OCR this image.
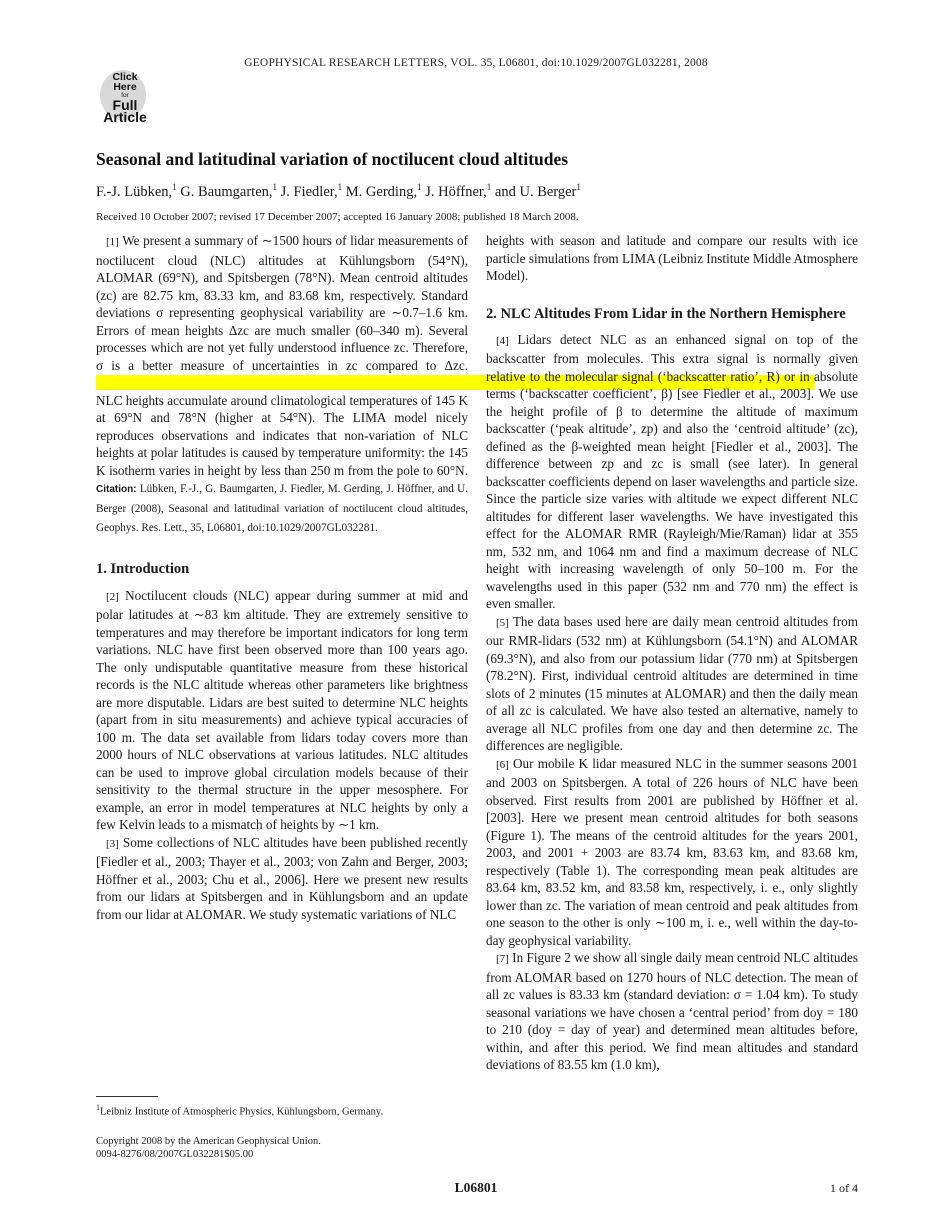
GEOPHYSICAL RESEARCH LETTERS, VOL. 35, L06801, doi:10.1029/2007GL032281, 2008
Click
Here
for
Full
Article
Seasonal and latitudinal variation of noctilucent cloud altitudes
F.-J. Lübken,$^1$ G. Baumgarten,$^1$ J. Fiedler,$^1$ M. Gerding,$^1$ J. Höffner,$^1$ and U. Berger$^1$
Received 10 October 2007; revised 17 December 2007; accepted 16 January 2008; published 18 March 2008.

[1] We present a summary of ∼1500 hours of lidar measurements of noctilucent cloud (NLC) altitudes at Kühlungsborn (54°N), ALOMAR (69°N), and Spitsbergen (78°N). Mean centroid altitudes (zc) are 82.75 km, 83.33 km, and 83.68 km, respectively. Standard deviations σ representing geophysical variability are ∼0.7–1.6 km. Errors of mean heights Δzc are much smaller (60–340 m). Several processes which are not yet fully understood influence zc. Therefore, σ is a better measure of uncertainties in zc compared to Δzc.                                                                                                                                                                                                                            NLC heights accumulate around climatological temperatures of 145 K at 69°N and 78°N (higher at 54°N). The LIMA model nicely reproduces observations and indicates that non-variation of NLC heights at polar latitudes is caused by temperature uniformity: the 145 K isotherm varies in height by less than 250 m from the pole to 60°N. Citation: Lübken, F.-J., G. Baumgarten, J. Fiedler, M. Gerding, J. Höffner, and U. Berger (2008), Seasonal and latitudinal variation of noctilucent cloud altitudes, Geophys. Res. Lett., 35, L06801, doi:10.1029/2007GL032281.

1. Introduction

[2] Noctilucent clouds (NLC) appear during summer at mid and polar latitudes at ∼83 km altitude. They are extremely sensitive to temperatures and may therefore be important indicators for long term variations. NLC have first been observed more than 100 years ago. The only undisputable quantitative measure from these historical records is the NLC altitude whereas other parameters like brightness are more disputable. Lidars are best suited to determine NLC heights (apart from in situ measurements) and achieve typical accuracies of 100 m. The data set available from lidars today covers more than 2000 hours of NLC observations at various latitudes. NLC altitudes can be used to improve global circulation models because of their sensitivity to the thermal structure in the upper mesosphere. For example, an error in model temperatures at NLC heights by only a few Kelvin leads to a mismatch of heights by ∼1 km.

[3] Some collections of NLC altitudes have been published recently [Fiedler et al., 2003; Thayer et al., 2003; von Zahn and Berger, 2003; Höffner et al., 2003; Chu et al., 2006]. Here we present new results from our lidars at Spitsbergen and in Kühlungsborn and an update from our lidar at ALOMAR. We study systematic variations of NLC

heights with season and latitude and compare our results with ice particle simulations from LIMA (Leibniz Institute Middle Atmosphere Model).

2. NLC Altitudes From Lidar in the Northern Hemisphere

[4] Lidars detect NLC as an enhanced signal on top of the backscatter from molecules. This extra signal is normally given relative to the molecular signal (‘backscatter ratio’, R) or in absolute terms (‘backscatter coefficient’, β) [see Fiedler et al., 2003]. We use the height profile of β to determine the altitude of maximum backscatter (‘peak altitude’, zp) and also the ‘centroid altitude’ (zc), defined as the β-weighted mean height [Fiedler et al., 2003]. The difference between zp and zc is small (see later). In general backscatter coefficients depend on laser wavelengths and particle size. Since the particle size varies with altitude we expect different NLC altitudes for different laser wavelengths. We have investigated this effect for the ALOMAR RMR (Rayleigh/Mie/Raman) lidar at 355 nm, 532 nm, and 1064 nm and find a maximum decrease of NLC height with increasing wavelength of only 50–100 m. For the wavelengths used in this paper (532 nm and 770 nm) the effect is even smaller.

[5] The data bases used here are daily mean centroid altitudes from our RMR-lidars (532 nm) at Kühlungsborn (54.1°N) and ALOMAR (69.3°N), and also from our potassium lidar (770 nm) at Spitsbergen (78.2°N). First, individual centroid altitudes are determined in time slots of 2 minutes (15 minutes at ALOMAR) and then the daily mean of all zc is calculated. We have also tested an alternative, namely to average all NLC profiles from one day and then determine zc. The differences are negligible.

[6] Our mobile K lidar measured NLC in the summer seasons 2001 and 2003 on Spitsbergen. A total of 226 hours of NLC have been observed. First results from 2001 are published by Höffner et al. [2003]. Here we present mean centroid altitudes for both seasons (Figure 1). The means of the centroid altitudes for the years 2001, 2003, and 2001 + 2003 are 83.74 km, 83.63 km, and 83.68 km, respectively (Table 1). The corresponding mean peak altitudes are 83.64 km, 83.52 km, and 83.58 km, respectively, i. e., only slightly lower than zc. The variation of mean centroid and peak altitudes from one season to the other is only ∼100 m, i. e., well within the day-to-day geophysical variability.

[7] In Figure 2 we show all single daily mean centroid NLC altitudes from ALOMAR based on 1270 hours of NLC detection. The mean of all zc values is 83.33 km (standard deviation: σ = 1.04 km). To study seasonal variations we have chosen a ‘central period’ from doy = 180 to 210 (doy = day of year) and determined mean altitudes before, within, and after this period. We find mean altitudes and standard deviations of 83.55 km (1.0 km),

$^1$Leibniz Institute of Atmospheric Physics, Kühlungsborn, Germany.
Copyright 2008 by the American Geophysical Union.
0094-8276/08/2007GL032281$05.00
L06801	1 of 4
